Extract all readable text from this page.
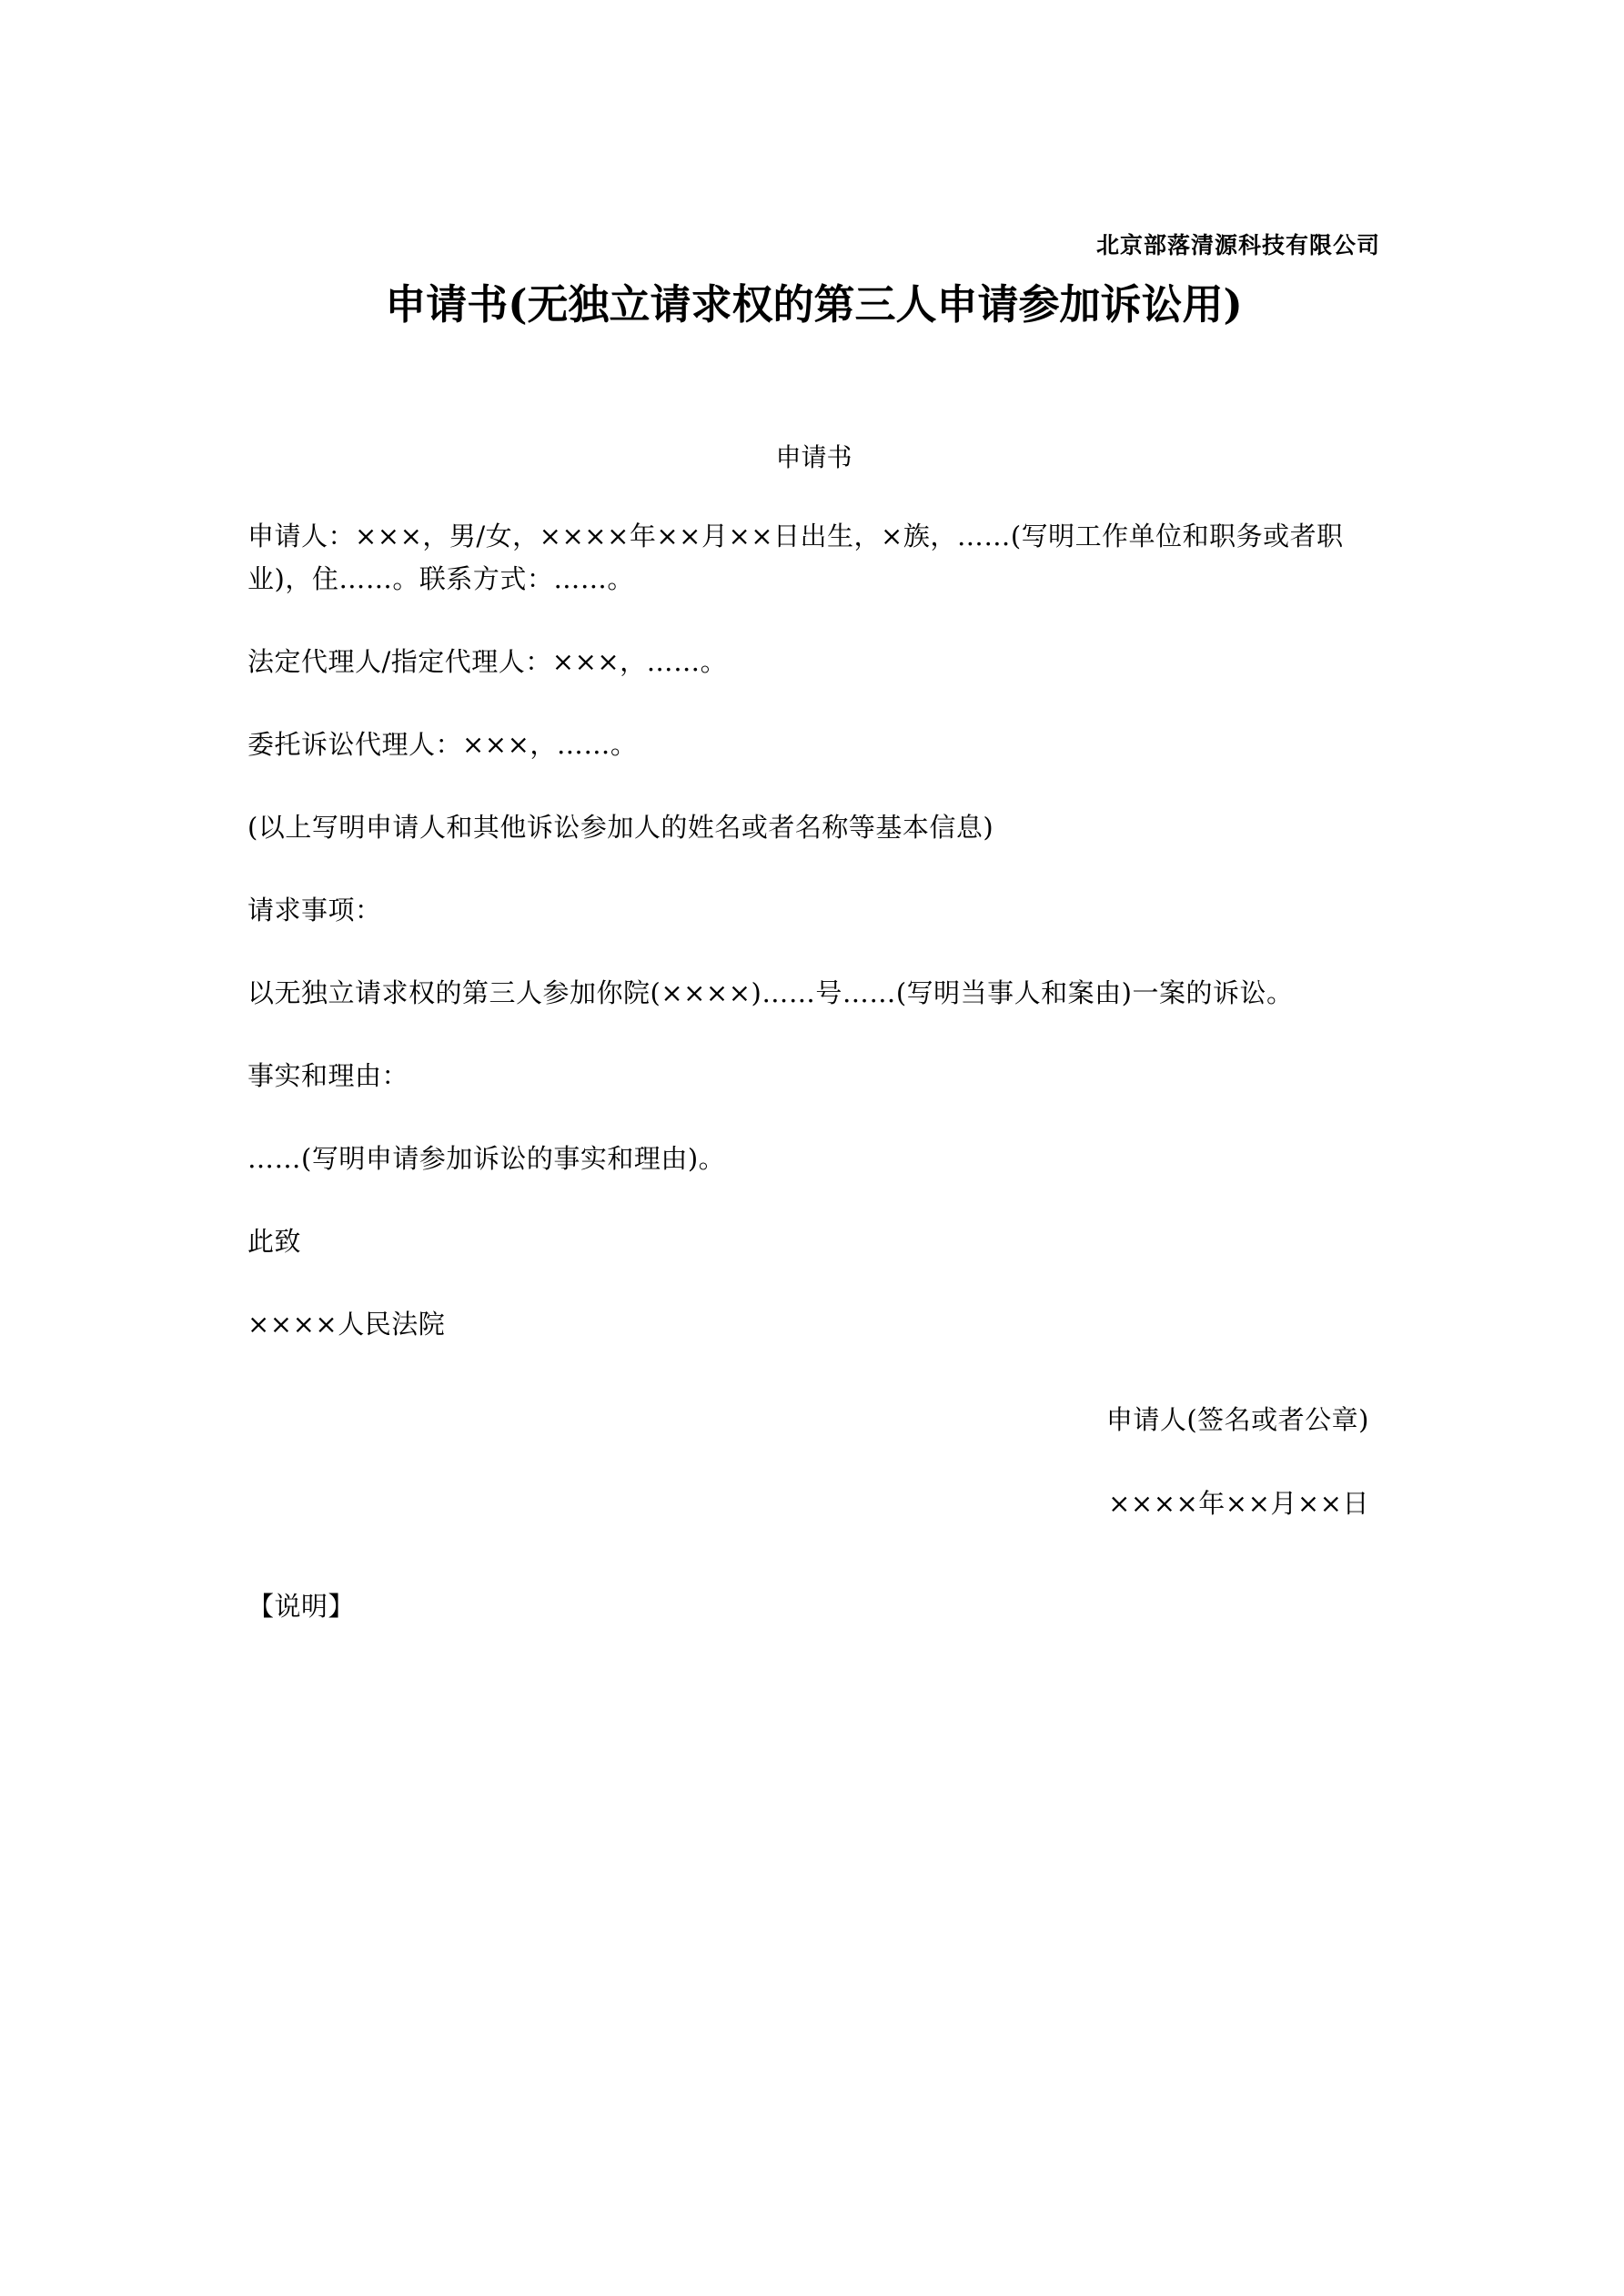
北京部落清源科技有限公司
申请书(无独立请求权的第三人申请参加诉讼用)
申请书
申请人：×××，男/女，××××年××月××日出生，×族，……(写明工作单位和职务或者职业)，住……。联系方式：……。
法定代理人/指定代理人：×××，……。
委托诉讼代理人：×××，……。
(以上写明申请人和其他诉讼参加人的姓名或者名称等基本信息)
请求事项：
以无独立请求权的第三人参加你院(××××)……号……(写明当事人和案由)一案的诉讼。
事实和理由：
……(写明申请参加诉讼的事实和理由)。
此致
××××人民法院
申请人(签名或者公章)
××××年××月××日
【说明】
